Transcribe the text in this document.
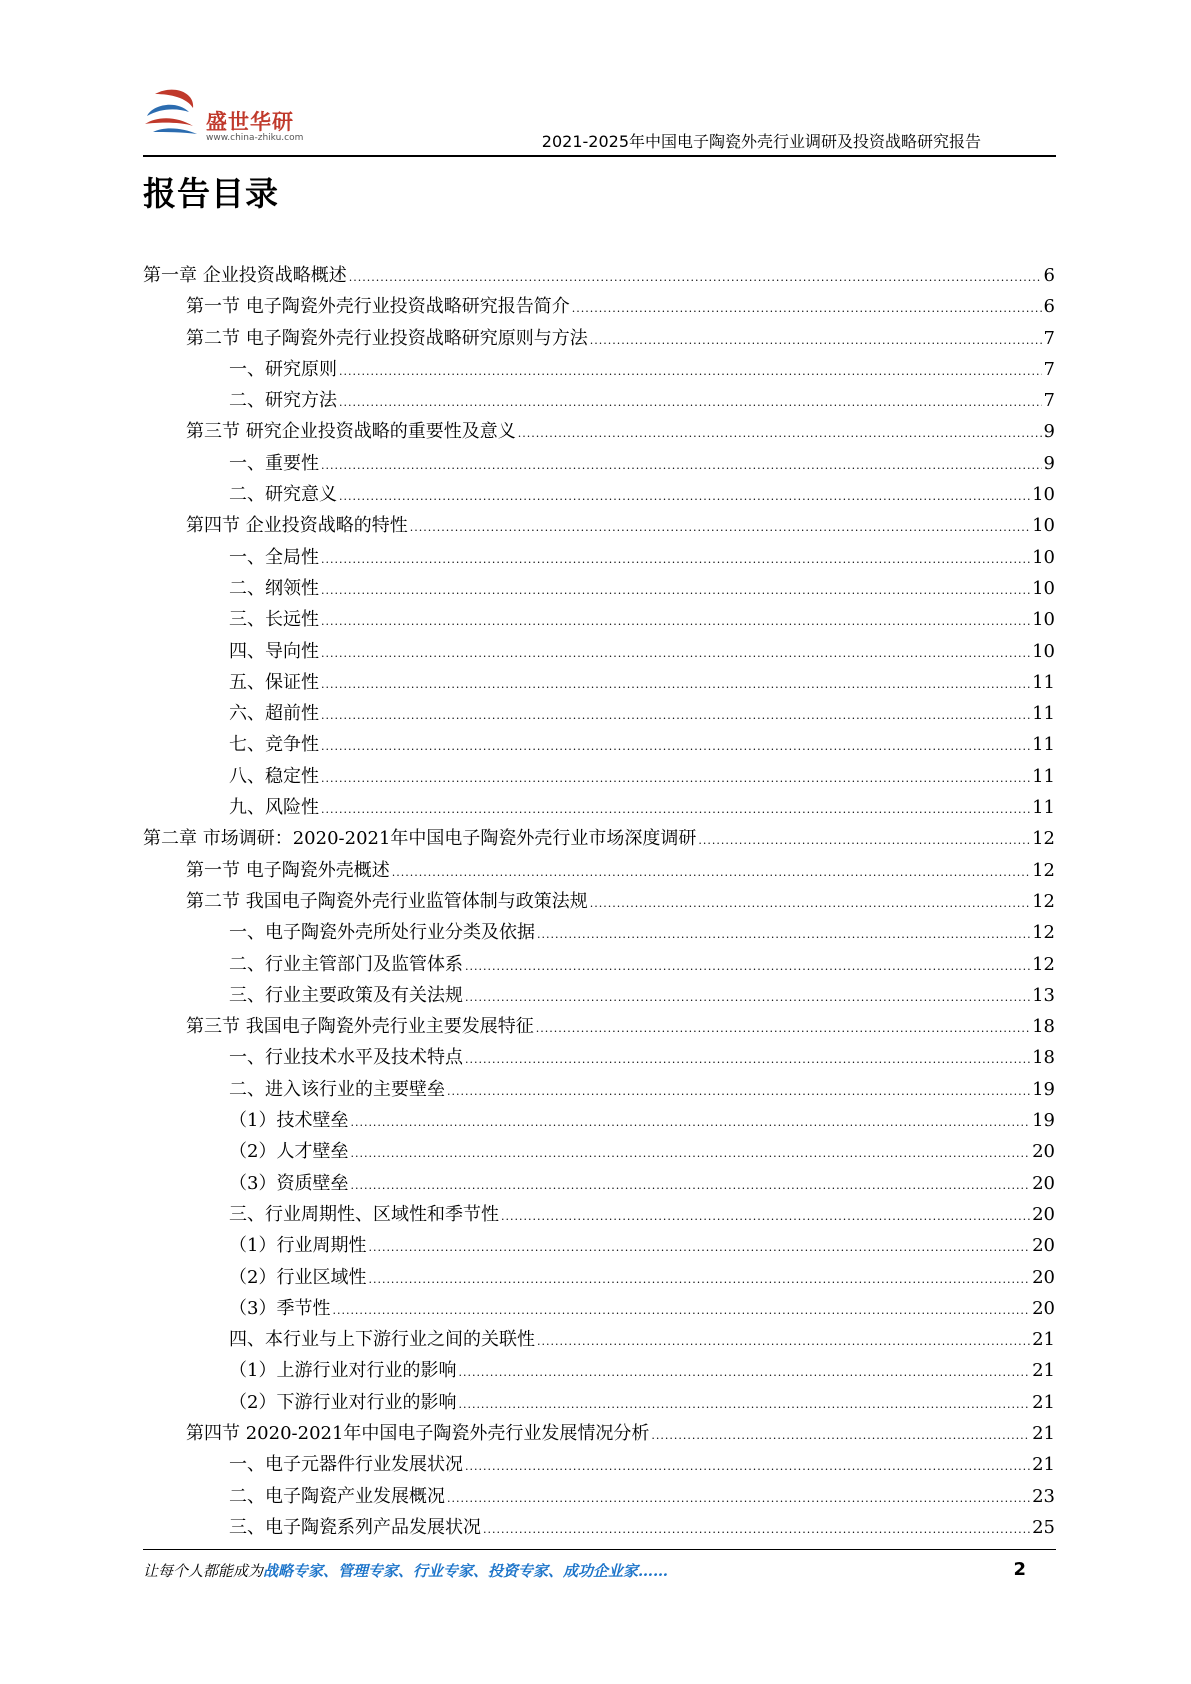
盛世华研
www.china-zhiku.com	2021-2025年中国电子陶瓷外壳行业调研及投资战略研究报告
报告目录
第一章 企业投资战略概述 .....	6
第一节 电子陶瓷外壳行业投资战略研究报告简介 .....	6
第二节 电子陶瓷外壳行业投资战略研究原则与方法 .....	7
一、研究原则 .....	7
二、研究方法 .....	7
第三节 研究企业投资战略的重要性及意义 .....	9
一、重要性 .....	9
二、研究意义 .....	10
第四节 企业投资战略的特性 .....	10
一、全局性 .....	10
二、纲领性 .....	10
三、长远性 .....	10
四、导向性 .....	10
五、保证性 .....	11
六、超前性 .....	11
七、竞争性 .....	11
八、稳定性 .....	11
九、风险性 .....	11
第二章 市场调研：2020-2021年中国电子陶瓷外壳行业市场深度调研 .....	12
第一节 电子陶瓷外壳概述 .....	12
第二节 我国电子陶瓷外壳行业监管体制与政策法规 .....	12
一、电子陶瓷外壳所处行业分类及依据 .....	12
二、行业主管部门及监管体系 .....	12
三、行业主要政策及有关法规 .....	13
第三节 我国电子陶瓷外壳行业主要发展特征 .....	18
一、行业技术水平及技术特点 .....	18
二、进入该行业的主要壁垒 .....	19
（1）技术壁垒 .....	19
（2）人才壁垒 .....	20
（3）资质壁垒 .....	20
三、行业周期性、区域性和季节性 .....	20
（1）行业周期性 .....	20
（2）行业区域性 .....	20
（3）季节性 .....	20
四、本行业与上下游行业之间的关联性 .....	21
（1）上游行业对行业的影响 .....	21
（2）下游行业对行业的影响 .....	21
第四节 2020-2021年中国电子陶瓷外壳行业发展情况分析 .....	21
一、电子元器件行业发展状况 .....	21
二、电子陶瓷产业发展概况 .....	23
三、电子陶瓷系列产品发展状况 .....	25
让每个人都能成为战略专家、管理专家、行业专家、投资专家、成功企业家……	2
